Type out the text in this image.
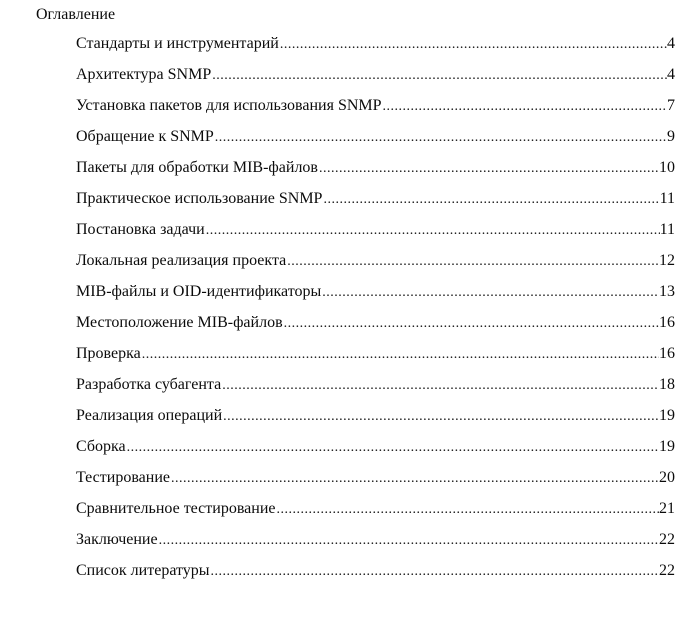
Оглавление
Стандарты и инструментарий .....	4
Архитектура SNMP .....	4
Установка пакетов для использования SNMP .....	7
Обращение к SNMP .....	9
Пакеты для обработки MIB-файлов .....	10
Практическое использование SNMP .....	11
Постановка задачи .....	11
Локальная реализация проекта .....	12
MIB-файлы и OID-идентификаторы .....	13
Местоположение MIB-файлов .....	16
Проверка .....	16
Разработка субагента .....	18
Реализация операций .....	19
Сборка .....	19
Тестирование .....	20
Сравнительное тестирование .....	21
Заключение .....	22
Список литературы .....	22
